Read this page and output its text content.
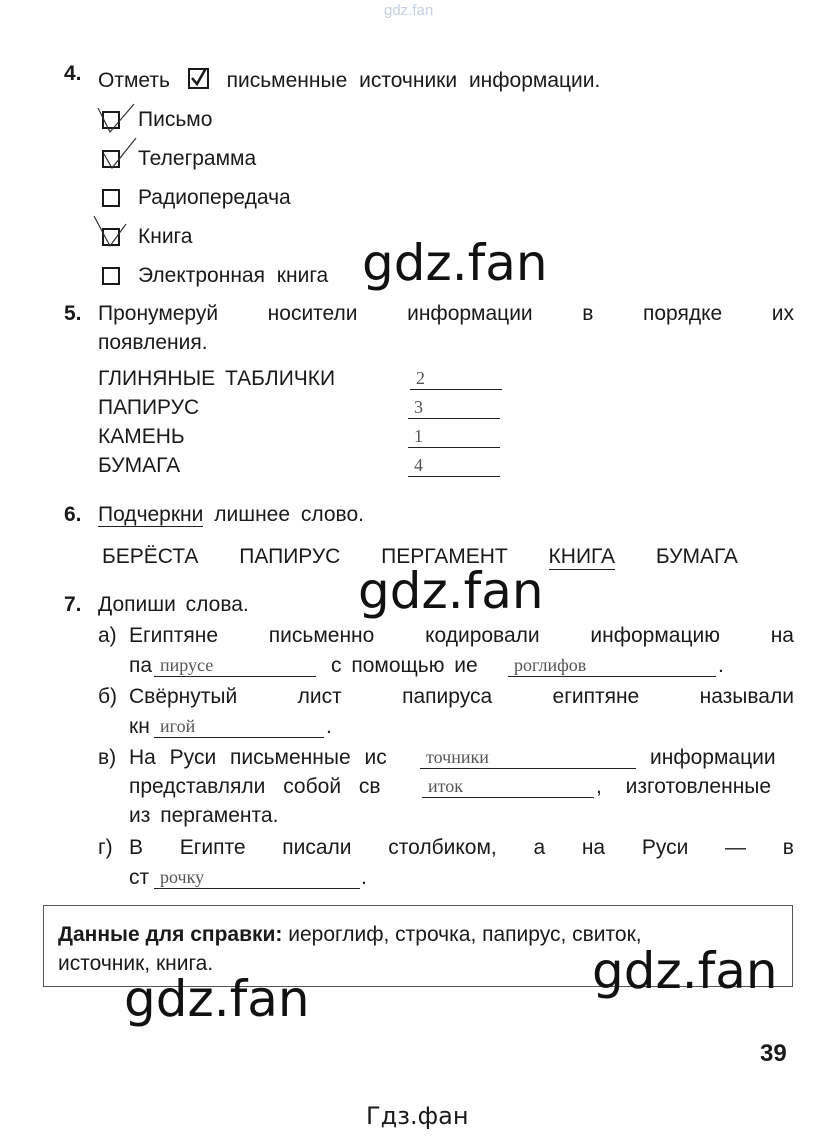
gdz.fan
4. Отметь	письменные источники информации.
Письмо
Телеграмма
Радиопередача
Книга
Электронная книга gdz.fan
5. Пронумеруй носители информации в порядке их
появления.
ГЛИНЯНЫЕ ТАБЛИЧКИ	2
ПАПИРУС	3
КАМЕНЬ	1
БУМАГА	4
6. Подчеркни лишнее слово.
БЕРЁСТА ПАПИРУС ПЕРГАМЕНТ КНИГА БУМАГА
gdz.fan
7. Допиши слова.
а) Египтяне письменно кодировали информацию на
па пирусе	с помощью ие роглифов	.
б) Свёрнутый	лист	папируса	египтяне	называли
кн игой	.
в) На Руси письменные ис точники	информации
представляли собой св	иток	, изготовленные
из пергамента.
г) В Египте писали столбиком, а на Руси — в
ст рочку	.
Данные для справки: иероглиф, строчка, папирус, свиток,
источник, книга.	gdz.fan
gdz.fan
39
Гдз.фан
